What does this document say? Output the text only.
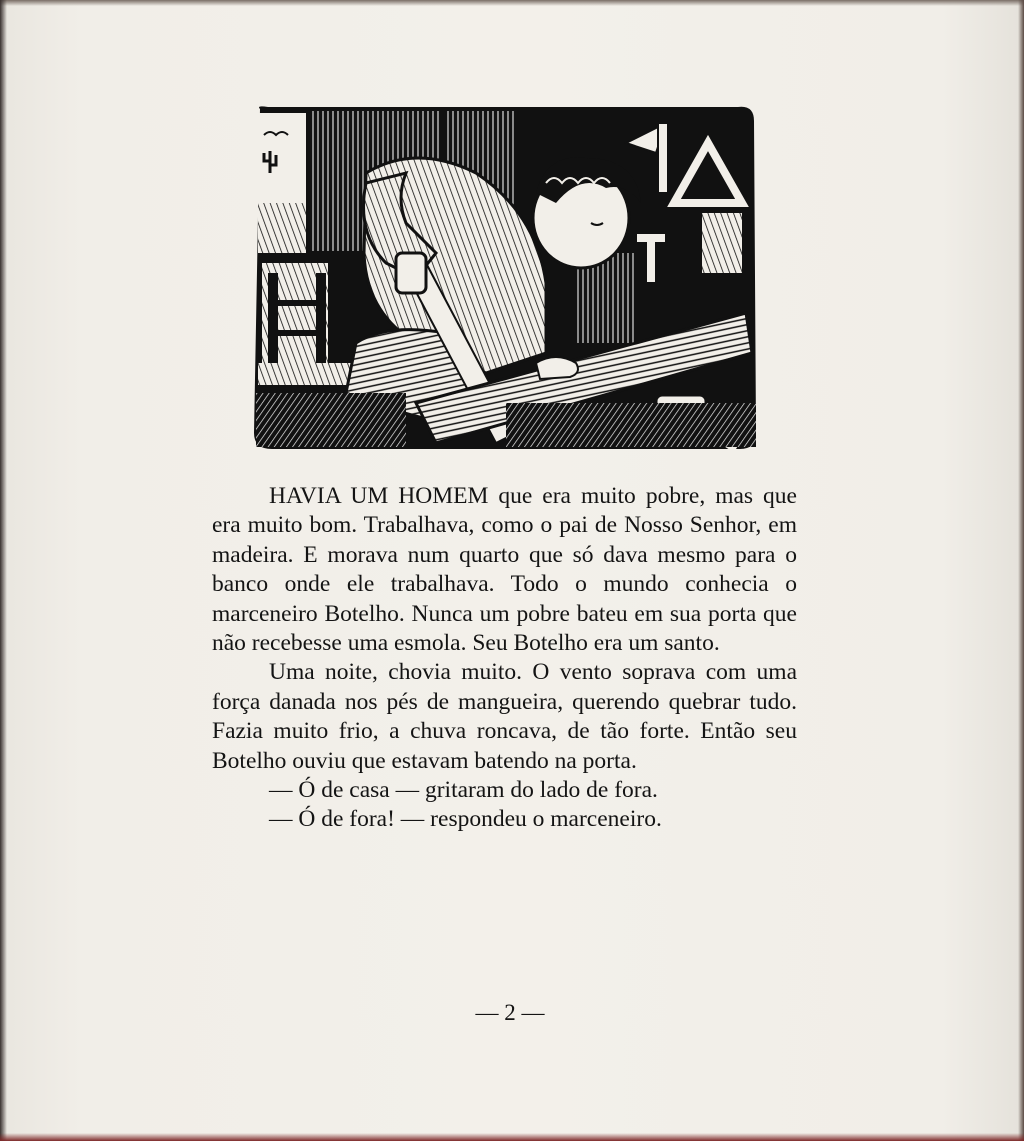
HAVIA UM HOMEM que era muito pobre, mas que era muito bom. Trabalhava, como o pai de Nosso Senhor, em madeira. E morava num quarto que só dava mesmo para o banco onde ele trabalhava. Todo o mundo conhecia o marceneiro Botelho. Nunca um pobre bateu em sua porta que não recebesse uma esmola. Seu Botelho era um santo.

Uma noite, chovia muito. O vento soprava com uma força danada nos pés de mangueira, querendo quebrar tudo. Fazia muito frio, a chuva roncava, de tão forte. Então seu Botelho ouviu que estavam batendo na porta.

— Ó de casa — gritaram do lado de fora.

— Ó de fora! — respondeu o marceneiro.

— 2 —
